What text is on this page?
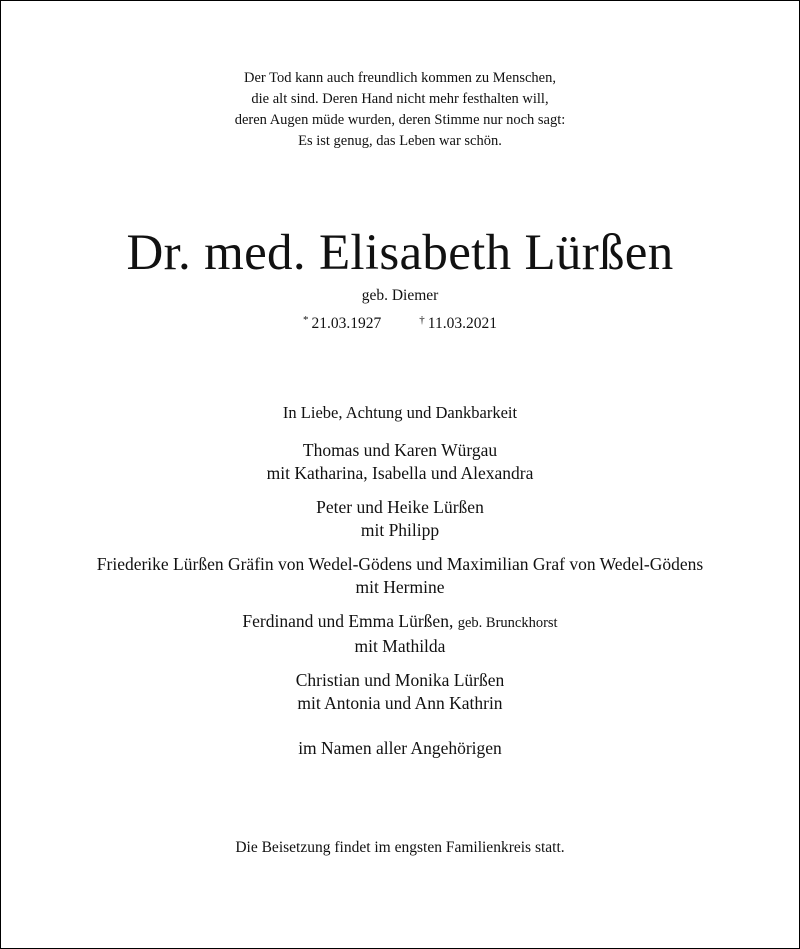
Der Tod kann auch freundlich kommen zu Menschen,
die alt sind. Deren Hand nicht mehr festhalten will,
deren Augen müde wurden, deren Stimme nur noch sagt:
Es ist genug, das Leben war schön.
Dr. med. Elisabeth Lürßen
geb. Diemer
* 21.03.1927	† 11.03.2021
In Liebe, Achtung und Dankbarkeit
Thomas und Karen Würgau
mit Katharina, Isabella und Alexandra
Peter und Heike Lürßen
mit Philipp
Friederike Lürßen Gräfin von Wedel-Gödens und Maximilian Graf von Wedel-Gödens
mit Hermine
Ferdinand und Emma Lürßen, geb. Brunckhorst
mit Mathilda
Christian und Monika Lürßen
mit Antonia und Ann Kathrin
im Namen aller Angehörigen
Die Beisetzung findet im engsten Familienkreis statt.
